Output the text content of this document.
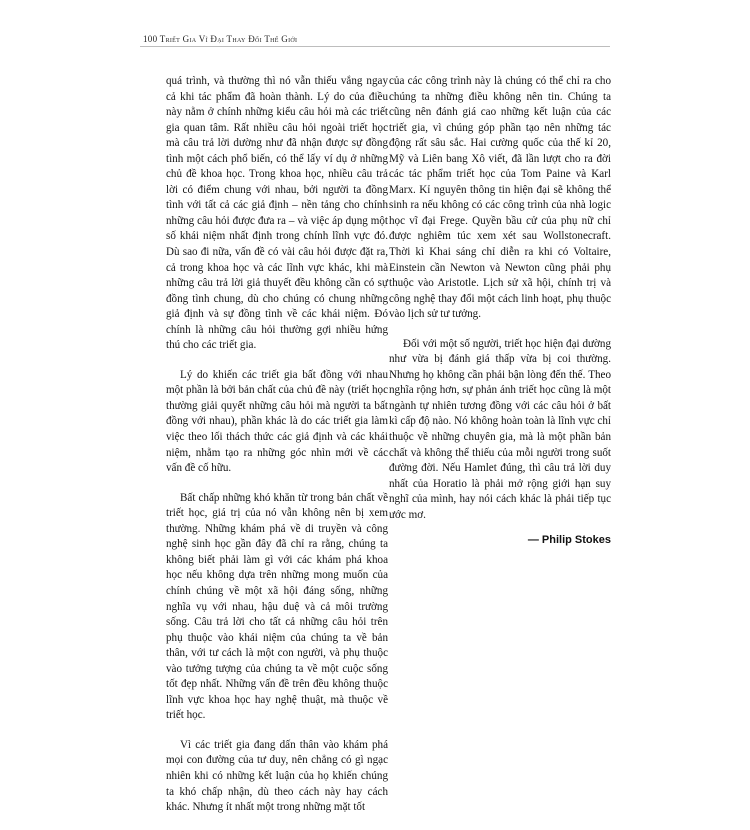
100 Triết Gia Vĩ Đại Thay Đổi Thế Giới

quá trình, và thường thì nó vẫn thiếu vắng ngay cả khi tác phẩm đã hoàn thành. Lý do của điều này nằm ở chính những kiểu câu hỏi mà các triết gia quan tâm. Rất nhiều câu hỏi ngoài triết học mà câu trả lời dường như đã nhận được sự đồng tình một cách phổ biến, có thể lấy ví dụ ở những chủ đề khoa học. Trong khoa học, nhiều câu trả lời có điểm chung với nhau, bởi người ta đồng tình với tất cả các giả định – nền tảng cho chính những câu hỏi được đưa ra – và việc áp dụng một số khái niệm nhất định trong chính lĩnh vực đó. Dù sao đi nữa, vấn đề có vài câu hỏi được đặt ra, cả trong khoa học và các lĩnh vực khác, khi mà những câu trả lời giả thuyết đều không cần có sự đồng tình chung, dù cho chúng có chung những giả định và sự đồng tình về các khái niệm. Đó chính là những câu hỏi thường gợi nhiều hứng thú cho các triết gia.

Lý do khiến các triết gia bất đồng với nhau một phần là bởi bản chất của chủ đề này (triết học thường giải quyết những câu hỏi mà người ta bất đồng với nhau), phần khác là do các triết gia làm việc theo lối thách thức các giả định và các khái niệm, nhằm tạo ra những góc nhìn mới về các vấn đề cố hữu.

Bất chấp những khó khăn từ trong bản chất về triết học, giá trị của nó vẫn không nên bị xem thường. Những khám phá về di truyền và công nghệ sinh học gần đây đã chỉ ra rằng, chúng ta không biết phải làm gì với các khám phá khoa học nếu không dựa trên những mong muốn của chính chúng về một xã hội đáng sống, những nghĩa vụ với nhau, hậu duệ và cả môi trường sống. Câu trả lời cho tất cả những câu hỏi trên phụ thuộc vào khái niệm của chúng ta về bản thân, với tư cách là một con người, và phụ thuộc vào tưởng tượng của chúng ta về một cuộc sống tốt đẹp nhất. Những vấn đề trên đều không thuộc lĩnh vực khoa học hay nghệ thuật, mà thuộc về triết học.

Vì các triết gia đang dấn thân vào khám phá mọi con đường của tư duy, nên chẳng có gì ngạc nhiên khi có những kết luận của họ khiến chúng ta khó chấp nhận, dù theo cách này hay cách khác. Nhưng ít nhất một trong những mặt tốt

của các công trình này là chúng có thể chỉ ra cho chúng ta những điều không nên tin. Chúng ta cũng nên đánh giá cao những kết luận của các triết gia, vì chúng góp phần tạo nên những tác động rất sâu sắc. Hai cường quốc của thế kỉ 20, Mỹ và Liên bang Xô viết, đã lần lượt cho ra đời các tác phẩm triết học của Tom Paine và Karl Marx. Kỉ nguyên thông tin hiện đại sẽ không thể sinh ra nếu không có các công trình của nhà logic học vĩ đại Frege. Quyền bầu cử của phụ nữ chỉ được nghiêm túc xem xét sau Wollstonecraft. Thời kì Khai sáng chỉ diễn ra khi có Voltaire, Einstein cần Newton và Newton cũng phải phụ thuộc vào Aristotle. Lịch sử xã hội, chính trị và công nghệ thay đổi một cách linh hoạt, phụ thuộc vào lịch sử tư tưởng.

Đối với một số người, triết học hiện đại dường như vừa bị đánh giá thấp vừa bị coi thường. Nhưng họ không cần phải bận lòng đến thế. Theo nghĩa rộng hơn, sự phản ánh triết học cũng là một ngành tự nhiên tương đồng với các câu hỏi ở bất kì cấp độ nào. Nó không hoàn toàn là lĩnh vực chỉ thuộc về những chuyên gia, mà là một phần bản chất và không thể thiếu của mỗi người trong suốt đường đời. Nếu Hamlet đúng, thì câu trả lời duy nhất của Horatio là phải mở rộng giới hạn suy nghĩ của mình, hay nói cách khác là phải tiếp tục ước mơ.

— Philip Stokes
